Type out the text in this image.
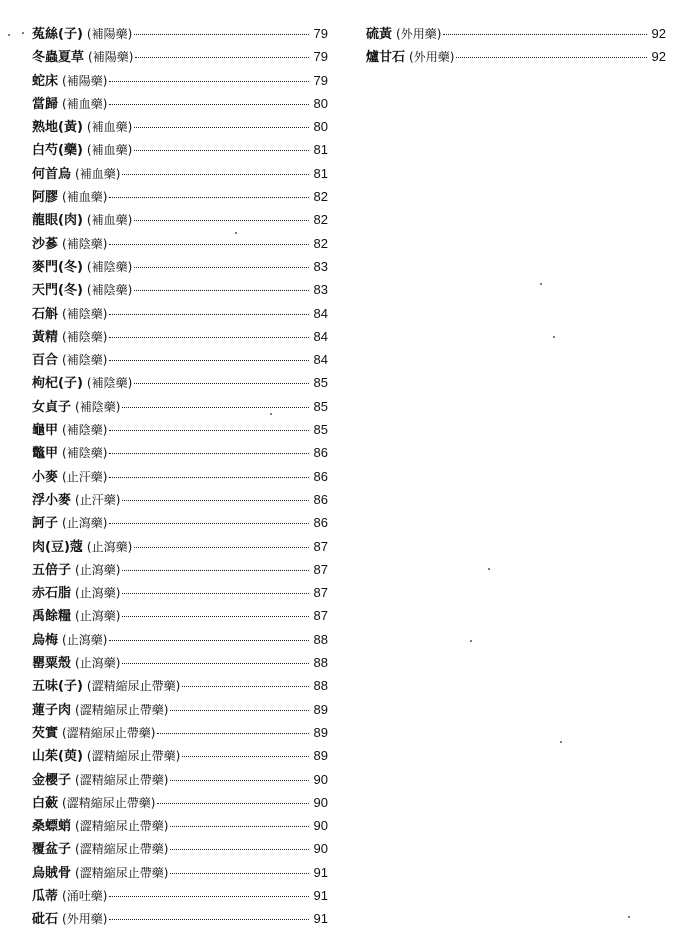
菟絲(子) (補陽藥)	79
冬蟲夏草 (補陽藥)	79
蛇床 (補陽藥)	79
當歸 (補血藥)	80
熟地(黃) (補血藥)	80
白芍(藥) (補血藥)	81
何首烏 (補血藥)	81
阿膠 (補血藥)	82
龍眼(肉) (補血藥)	82
沙蔘 (補陰藥)	82
麥門(冬) (補陰藥)	83
天門(冬) (補陰藥)	83
石斛 (補陰藥)	84
黃精 (補陰藥)	84
百合 (補陰藥)	84
枸杞(子) (補陰藥)	85
女貞子 (補陰藥)	85
龜甲 (補陰藥)	85
鼈甲 (補陰藥)	86
小麥 (止汗藥)	86
浮小麥 (止汗藥)	86
訶子 (止瀉藥)	86
肉(豆)蔻 (止瀉藥)	87
五倍子 (止瀉藥)	87
赤石脂 (止瀉藥)	87
禹餘糧 (止瀉藥)	87
烏梅 (止瀉藥)	88
罌粟殼 (止瀉藥)	88
五味(子) (澀精縮尿止帶藥)	88
蓮子肉 (澀精縮尿止帶藥)	89
芡實 (澀精縮尿止帶藥)	89
山茱(萸) (澀精縮尿止帶藥)	89
金櫻子 (澀精縮尿止帶藥)	90
白蘞 (澀精縮尿止帶藥)	90
桑螵蛸 (澀精縮尿止帶藥)	90
覆盆子 (澀精縮尿止帶藥)	90
烏賊骨 (澀精縮尿止帶藥)	91
瓜蒂 (涌吐藥)	91
砒石 (外用藥)	91
硫黃 (外用藥)	92
爐甘石 (外用藥)	92
